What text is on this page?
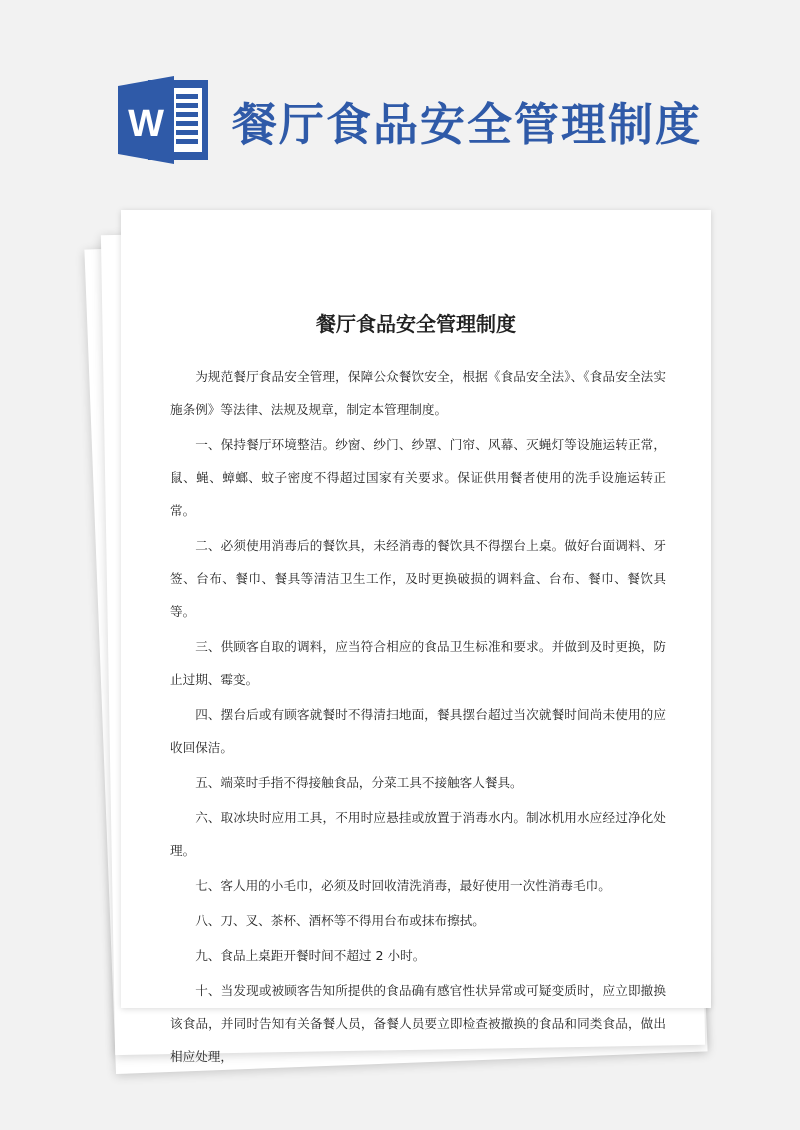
W 餐厅食品安全管理制度
餐厅食品安全管理制度

为规范餐厅食品安全管理，保障公众餐饮安全，根据《食品安全法》、《食品安全法实施条例》等法律、法规及规章，制定本管理制度。

一、保持餐厅环境整洁。纱窗、纱门、纱罩、门帘、风幕、灭蝇灯等设施运转正常，鼠、蝇、蟑螂、蚊子密度不得超过国家有关要求。保证供用餐者使用的洗手设施运转正常。

二、必须使用消毒后的餐饮具，未经消毒的餐饮具不得摆台上桌。做好台面调料、牙签、台布、餐巾、餐具等清洁卫生工作，及时更换破损的调料盒、台布、餐巾、餐饮具等。

三、供顾客自取的调料，应当符合相应的食品卫生标准和要求。并做到及时更换，防止过期、霉变。

四、摆台后或有顾客就餐时不得清扫地面，餐具摆台超过当次就餐时间尚未使用的应收回保洁。

五、端菜时手指不得接触食品，分菜工具不接触客人餐具。

六、取冰块时应用工具，不用时应悬挂或放置于消毒水内。制冰机用水应经过净化处理。

七、客人用的小毛巾，必须及时回收清洗消毒，最好使用一次性消毒毛巾。

八、刀、叉、茶杯、酒杯等不得用台布或抹布擦拭。

九、食品上桌距开餐时间不超过 2 小时。

十、当发现或被顾客告知所提供的食品确有感官性状异常或可疑变质时，应立即撤换该食品，并同时告知有关备餐人员，备餐人员要立即检查被撤换的食品和同类食品，做出相应处理，
